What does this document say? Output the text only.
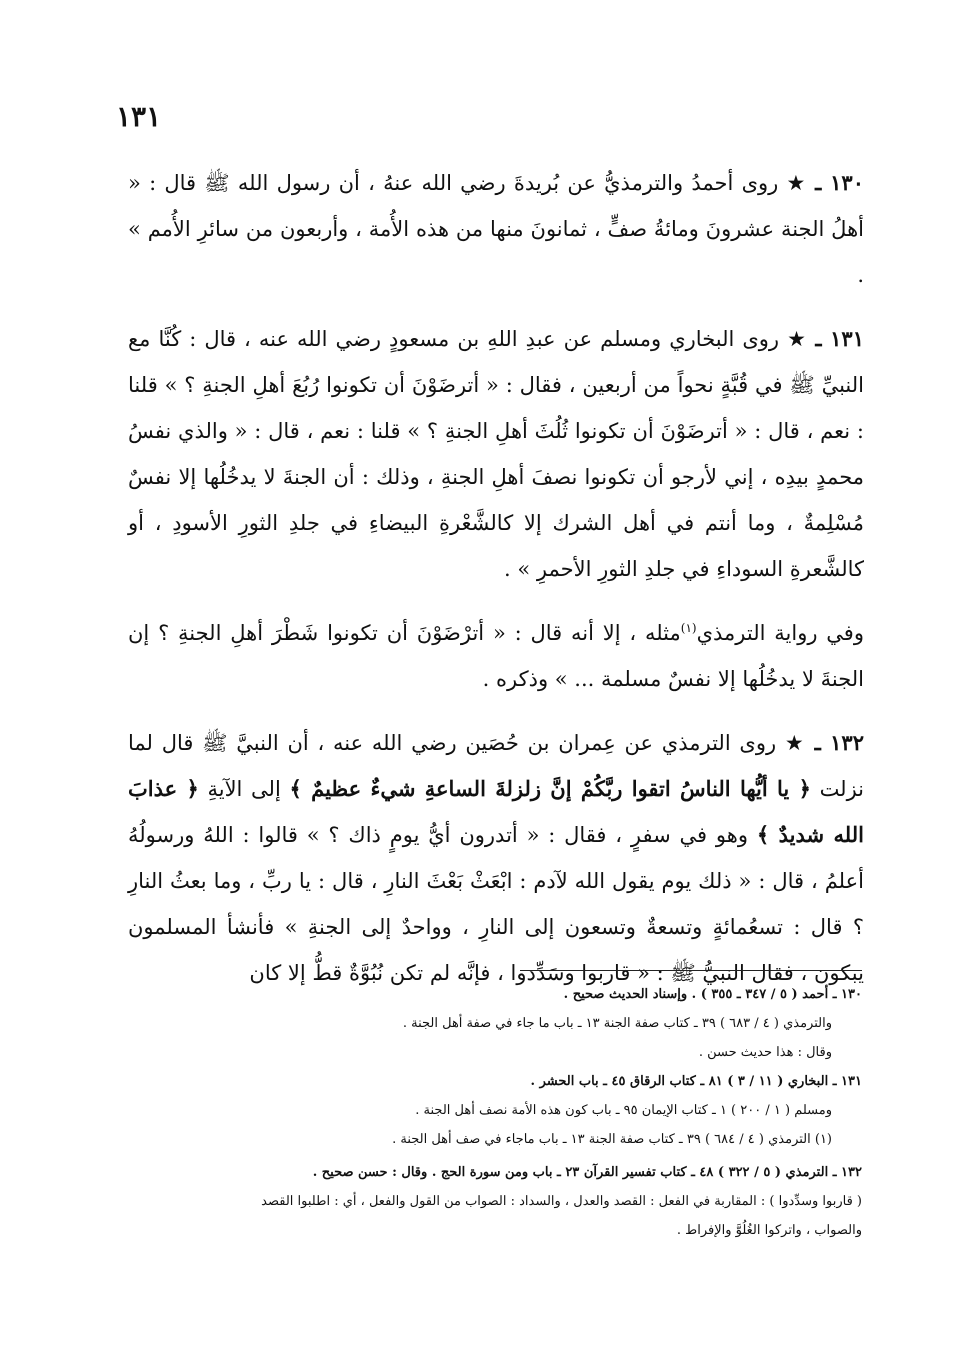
١٣١

١٣٠ ـ ★ روى أحمدُ والترمذيُّ عن بُريدةَ رضي الله عنهُ ، أن رسول الله ﷺ قال : « أهلُ الجنة عشرونَ ومائةُ صفٍّ ، ثمانونَ منها من هذه الأُمة ، وأربعون من سائرِ الأُمم » .

١٣١ ـ ★ روى البخاري ومسلم عن عبدِ اللهِ بن مسعودٍ رضي الله عنه ، قال : كُنَّا مع النبيِّ ﷺ في قُبَّةٍ نحواً من أربعين ، فقال : « أترضَوْنَ أن تكونوا رُبُعَ أهلِ الجنةِ ؟ » قلنا : نعم ، قال : « أترضَوْنَ أن تكونوا ثُلُثَ أهلِ الجنةِ ؟ » قلنا : نعم ، قال : « والذي نفسُ محمدٍ بيدِه ، إني لأرجو أن تكونوا نصفَ أهلِ الجنةِ ، وذلك : أن الجنةَ لا يدخُلُها إلا نفسٌ مُسْلِمةٌ ، وما أنتم في أهل الشرك إلا كالشَّعْرةِ البيضاءِ في جلدِ الثورِ الأسودِ ، أو كالشَّعرةِ السوداءِ في جلدِ الثورِ الأحمرِ » .

وفي رواية الترمذي$^{(١)}$مثله ، إلا أنه قال : « أترْضَوْنَ أن تكونوا شَطْرَ أهلِ الجنةِ ؟ إن الجنةَ لا يدخُلُها إلا نفسٌ مسلمة ... » وذكره .

١٣٢ ـ ★ روى الترمذي عن عِمران بن حُصَين رضي الله عنه ، أن النبيَّ ﷺ قال لما نزلت ﴿ يا أيُّها الناسُ اتقوا ربَّكُمْ إنَّ زلزلةَ الساعةِ شيءٌ عظيمٌ ﴾ إلى الآيةِ ﴿ عذابَ الله شديدٌ ﴾ وهو في سفرٍ ، فقال : « أتدرون أيُّ يومٍ ذاك ؟ » قالوا : اللهُ ورسولُهُ أعلمُ ، قال : « ذلك يوم يقول الله لآدم : ابْعَثْ بَعْثَ النارِ ، قال : يا ربِّ ، وما بعثُ النارِ ؟ قال : تسعُمائةٍ وتسعةٌ وتسعون إلى النارِ ، وواحدٌ إلى الجنةِ » فأنشأ المسلمون يبكون ، فقال النبيُّ ﷺ : « قاربوا وسَدِّدوا ، فإنَّه لم تكن نُبُوَّةٌ قطُّ إلا كان

١٣٠ ـ أحمد ( ٥ / ٣٤٧ ـ ٣٥٥ ) . وإسناد الحديث صحيح .
والترمذي ( ٤ / ٦٨٣ ) ٣٩ ـ كتاب صفة الجنة ١٣ ـ باب ما جاء في صفة أهل الجنة .
وقال : هذا حديث حسن .
١٣١ ـ البخاري ( ١١ / ٣ ) ٨١ ـ كتاب الرقاق ٤٥ ـ باب الحشر .
ومسلم ( ١ / ٢٠٠ ) ١ ـ كتاب الإيمان ٩٥ ـ باب كون هذه الأمة نصف أهل الجنة .
(١) الترمذي ( ٤ / ٦٨٤ ) ٣٩ ـ كتاب صفة الجنة ١٣ ـ باب ماجاء في صف أهل الجنة .
١٣٢ ـ الترمذي ( ٥ / ٣٢٢ ) ٤٨ ـ كتاب تفسير القرآن ٢٣ ـ باب ومن سورة الحج . وقال : حسن صحيح .
( قاربوا وسدِّدوا ) : المقاربة في الفعل : القصد والعدل ، والسداد : الصواب من القول والفعل ، أي : اطلبوا القصد
والصواب ، واتركوا الغُلُوَّ والإفراط .
